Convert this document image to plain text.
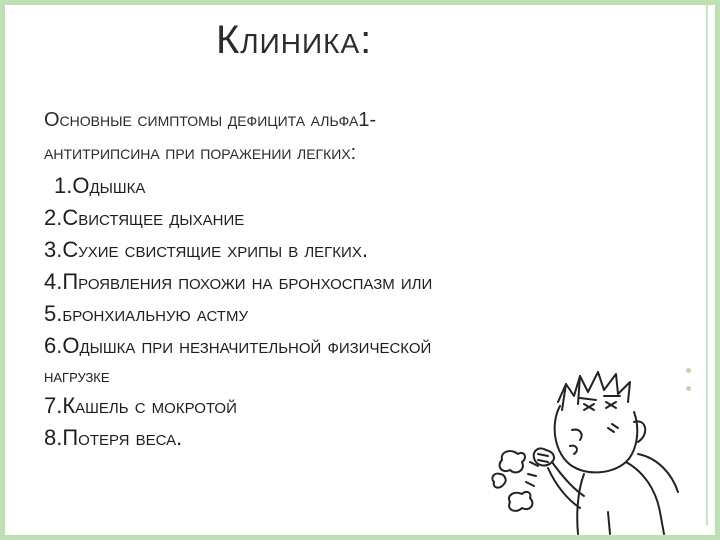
Клиника:
Основные симптомы дефицита альфа1-
антитрипсина при поражении легких:
1.Одышка
2.Свистящее дыхание
3.Сухие свистящие хрипы в легких.
4.Проявления похожи на бронхоспазм или
5.бронхиальную астму
6.Одышка при незначительной физической
нагрузке
7.Кашель с мокротой
8.Потеря веса.
